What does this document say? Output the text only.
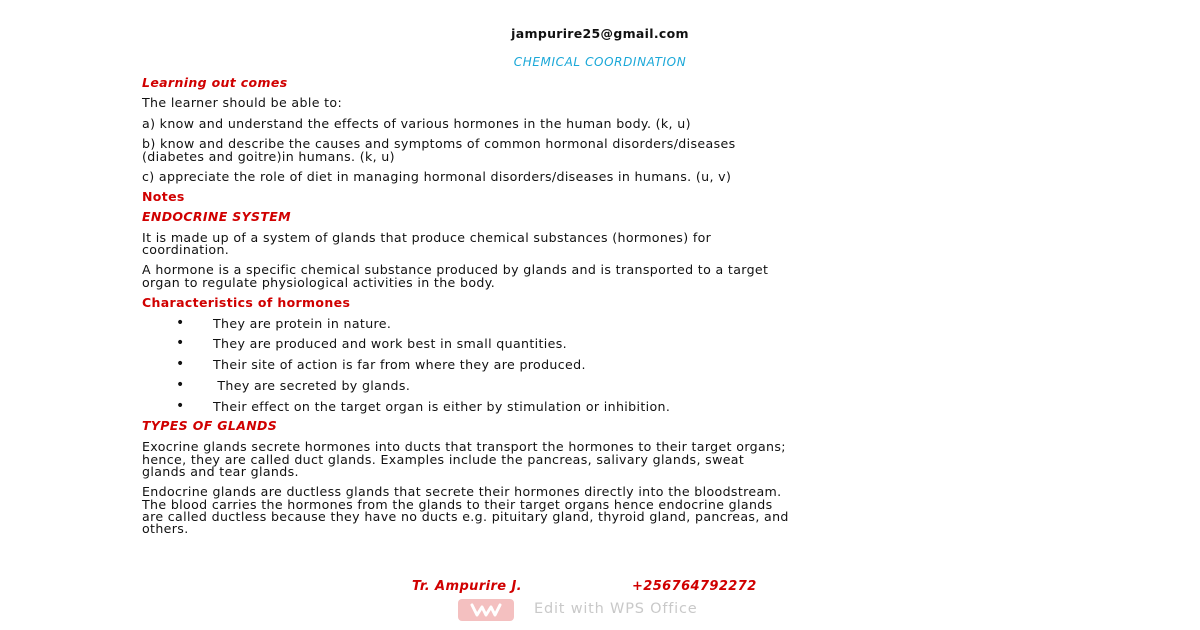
jampurire25@gmail.com
CHEMICAL COORDINATION
Learning out comes
The learner should be able to:
a) know and understand the effects of various hormones in the human body. (k, u)
b) know and describe the causes and symptoms of common hormonal disorders/diseases
(diabetes and goitre)in humans. (k, u)
c) appreciate the role of diet in managing hormonal disorders/diseases in humans. (u, v)
Notes
ENDOCRINE SYSTEM
It is made up of a system of glands that produce chemical substances (hormones) for
coordination.
A hormone is a specific chemical substance produced by glands and is transported to a target
organ to regulate physiological activities in the body.
Characteristics of hormones
• They are protein in nature.
• They are produced and work best in small quantities.
• Their site of action is far from where they are produced.
• They are secreted by glands.
• Their effect on the target organ is either by stimulation or inhibition.
TYPES OF GLANDS
Exocrine glands secrete hormones into ducts that transport the hormones to their target organs;
hence, they are called duct glands. Examples include the pancreas, salivary glands, sweat
glands and tear glands.
Endocrine glands are ductless glands that secrete their hormones directly into the bloodstream.
The blood carries the hormones from the glands to their target organs hence endocrine glands
are called ductless because they have no ducts e.g. pituitary gland, thyroid gland, pancreas, and
others.
Tr. Ampurire J.	+256764792272
Edit with WPS Office
